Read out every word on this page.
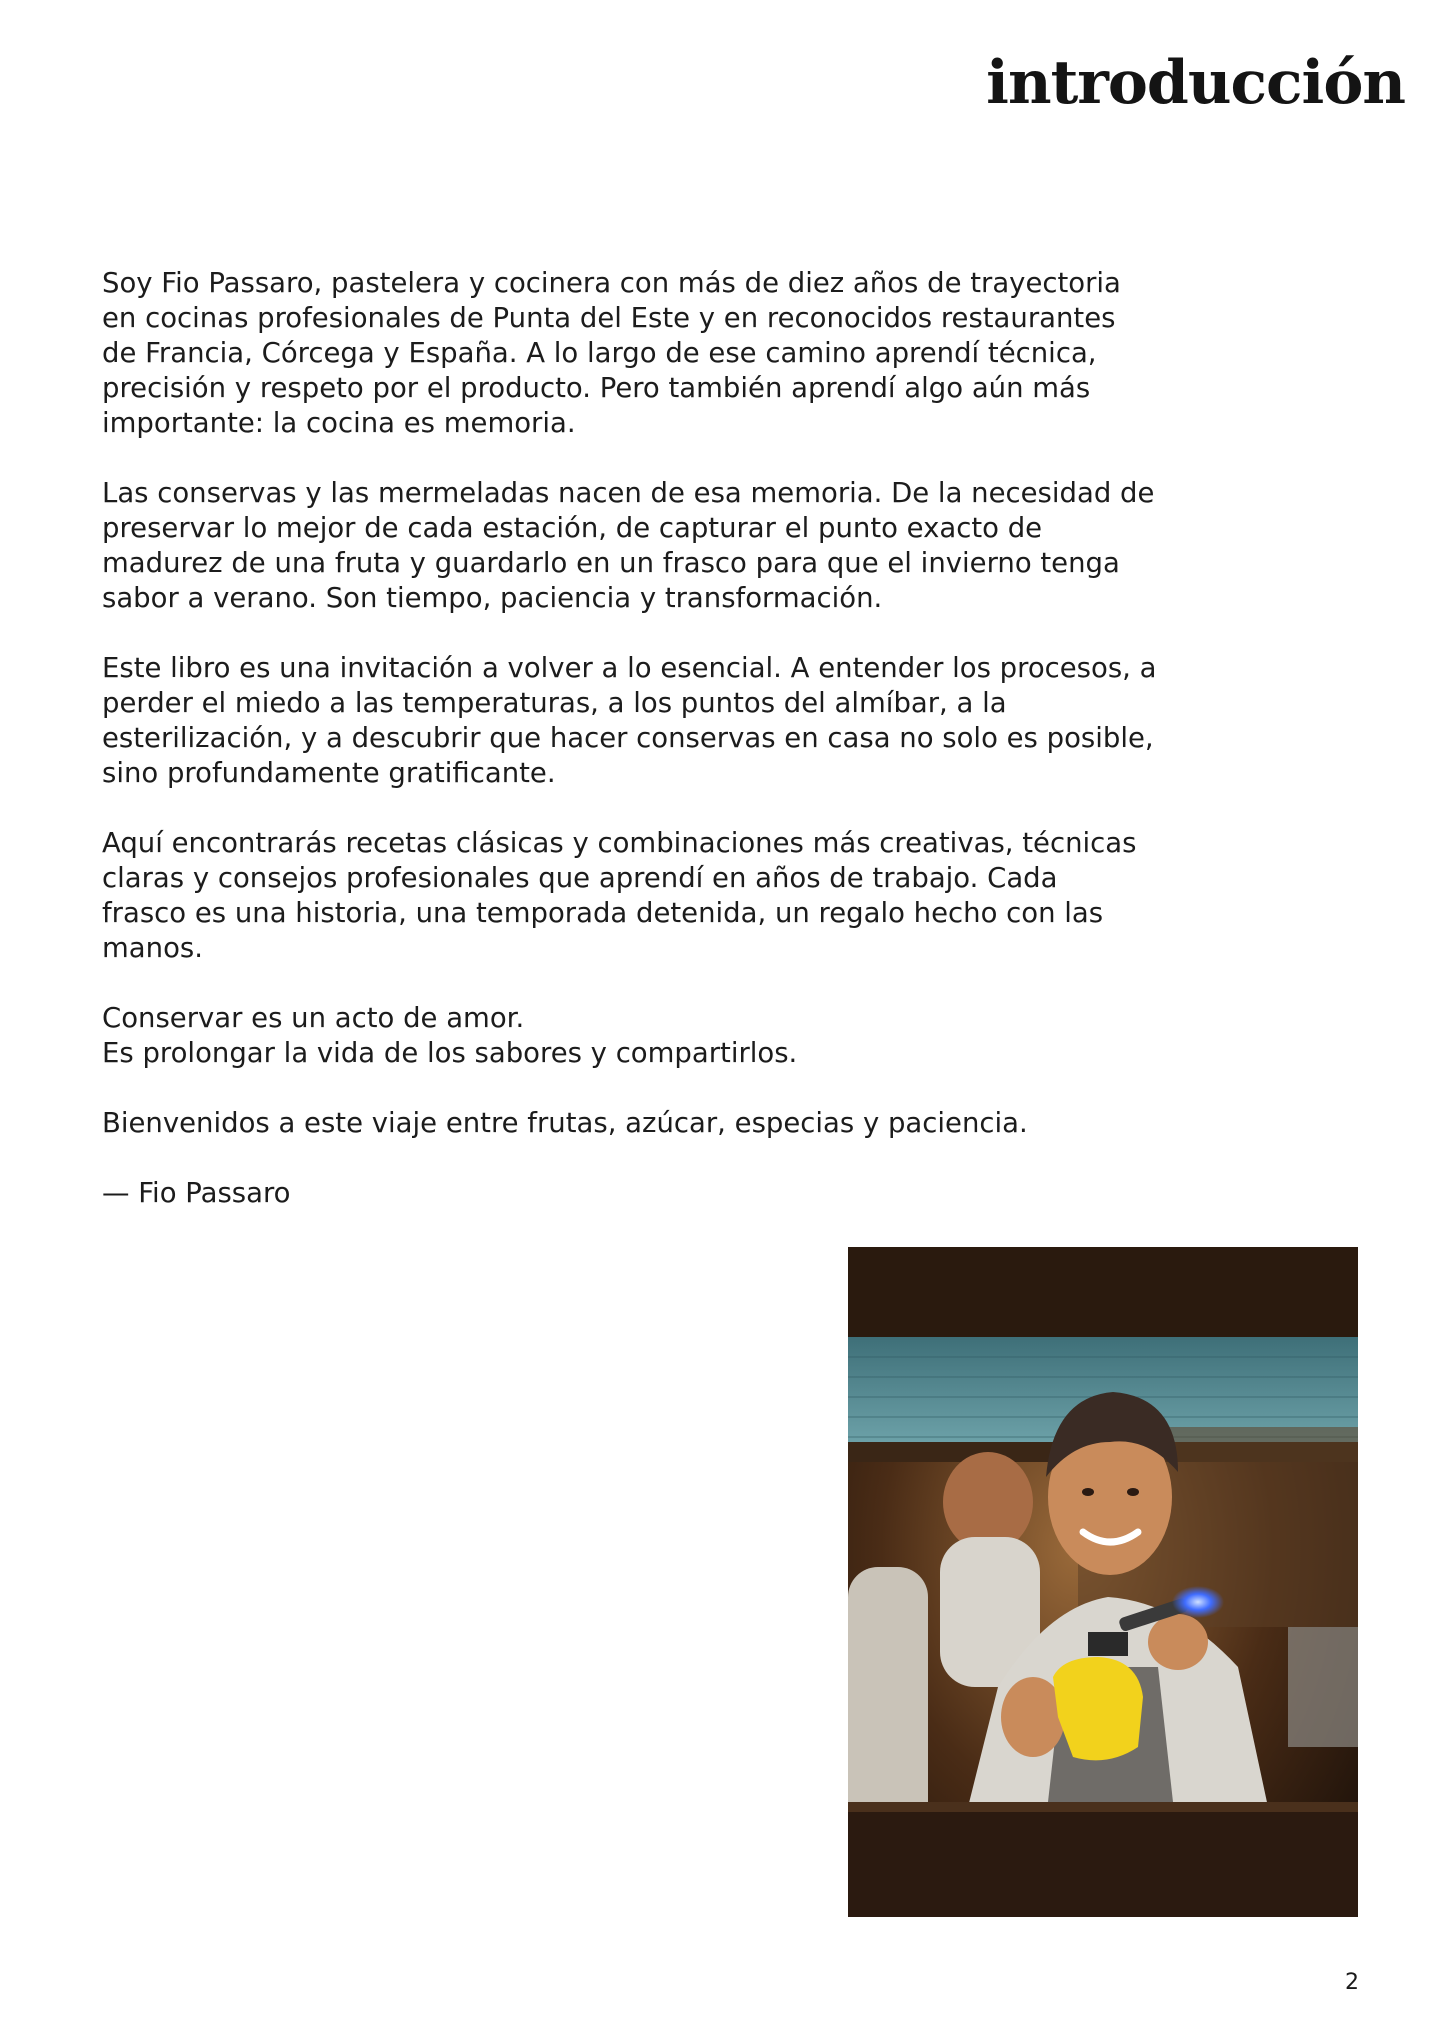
introducción

Soy Fio Passaro, pastelera y cocinera con más de diez años de trayectoria
en cocinas profesionales de Punta del Este y en reconocidos restaurantes
de Francia, Córcega y España. A lo largo de ese camino aprendí técnica,
precisión y respeto por el producto. Pero también aprendí algo aún más
importante: la cocina es memoria.

Las conservas y las mermeladas nacen de esa memoria. De la necesidad de
preservar lo mejor de cada estación, de capturar el punto exacto de
madurez de una fruta y guardarlo en un frasco para que el invierno tenga
sabor a verano. Son tiempo, paciencia y transformación.

Este libro es una invitación a volver a lo esencial. A entender los procesos, a
perder el miedo a las temperaturas, a los puntos del almíbar, a la
esterilización, y a descubrir que hacer conservas en casa no solo es posible,
sino profundamente gratificante.

Aquí encontrarás recetas clásicas y combinaciones más creativas, técnicas
claras y consejos profesionales que aprendí en años de trabajo. Cada
frasco es una historia, una temporada detenida, un regalo hecho con las
manos.

Conservar es un acto de amor.
Es prolongar la vida de los sabores y compartirlos.

Bienvenidos a este viaje entre frutas, azúcar, especias y paciencia.

— Fio Passaro

2
